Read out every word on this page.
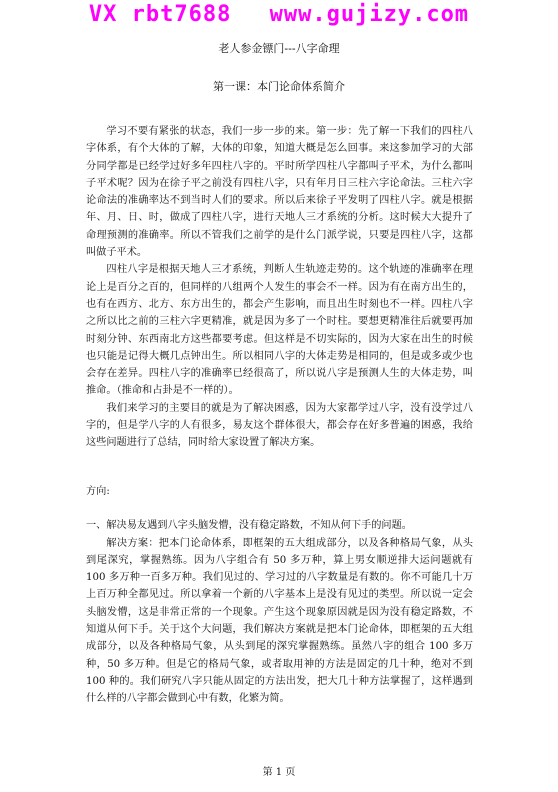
VX rbt7688 www.gujizy.com
老人参金镖门---八字命理
第一课：本门论命体系简介

学习不要有紧张的状态，我们一步一步的来。第一步：先了解一下我们的四柱八字体系，有个大体的了解，大体的印象，知道大概是怎么回事。来这参加学习的大部分同学都是已经学过好多年四柱八字的。平时所学四柱八字都叫子平术，为什么都叫子平术呢？因为在徐子平之前没有四柱八字，只有年月日三柱六字论命法。三柱六字论命法的准确率达不到当时人们的要求。所以后来徐子平发明了四柱八字。就是根据年、月、日、时，做成了四柱八字，进行天地人三才系统的分析。这时候大大提升了命理预测的准确率。所以不管我们之前学的是什么门派学说，只要是四柱八字，这都叫做子平术。

四柱八字是根据天地人三才系统，判断人生轨迹走势的。这个轨迹的准确率在理论上是百分之百的，但同样的八组两个人发生的事会不一样。因为有在南方出生的，也有在西方、北方、东方出生的，都会产生影响，而且出生时刻也不一样。四柱八字之所以比之前的三柱六字更精准，就是因为多了一个时柱。要想更精准往后就要再加时刻分钟、东西南北方这些都要考虑。但这样是不切实际的，因为大家在出生的时候也只能是记得大概几点钟出生。所以相同八字的大体走势是相同的，但是或多或少也会存在差异。四柱八字的准确率已经很高了，所以说八字是预测人生的大体走势，叫推命。（推命和占卦是不一样的）。

我们来学习的主要目的就是为了解决困惑，因为大家都学过八字，没有没学过八字的，但是学八字的人有很多，易友这个群体很大，都会存在好多普遍的困惑，我给这些问题进行了总结，同时给大家设置了解决方案。

方向:

一、解决易友遇到八字头脑发懵，没有稳定路数，不知从何下手的问题。

解决方案：把本门论命体系，即框架的五大组成部分，以及各种格局气象，从头到尾深究，掌握熟练。因为八字组合有 50 多万种，算上男女顺逆排大运问题就有 100 多万种一百多万种。我们见过的、学习过的八字数量是有数的。你不可能几十万上百万种全都见过。所以拿着一个新的八字基本上是没有见过的类型。所以说一定会头脑发懵，这是非常正常的一个现象。产生这个现象原因就是因为没有稳定路数，不知道从何下手。关于这个大问题，我们解决方案就是把本门论命体，即框架的五大组成部分，以及各种格局气象，从头到尾的深究掌握熟练。虽然八字的组合 100 多万种，50 多万种。但是它的格局气象，或者取用神的方法是固定的几十种，绝对不到 100 种的。我们研究八字只能从固定的方法出发，把大几十种方法掌握了，这样遇到什么样的八字都会做到心中有数，化繁为简。

第 1 页
